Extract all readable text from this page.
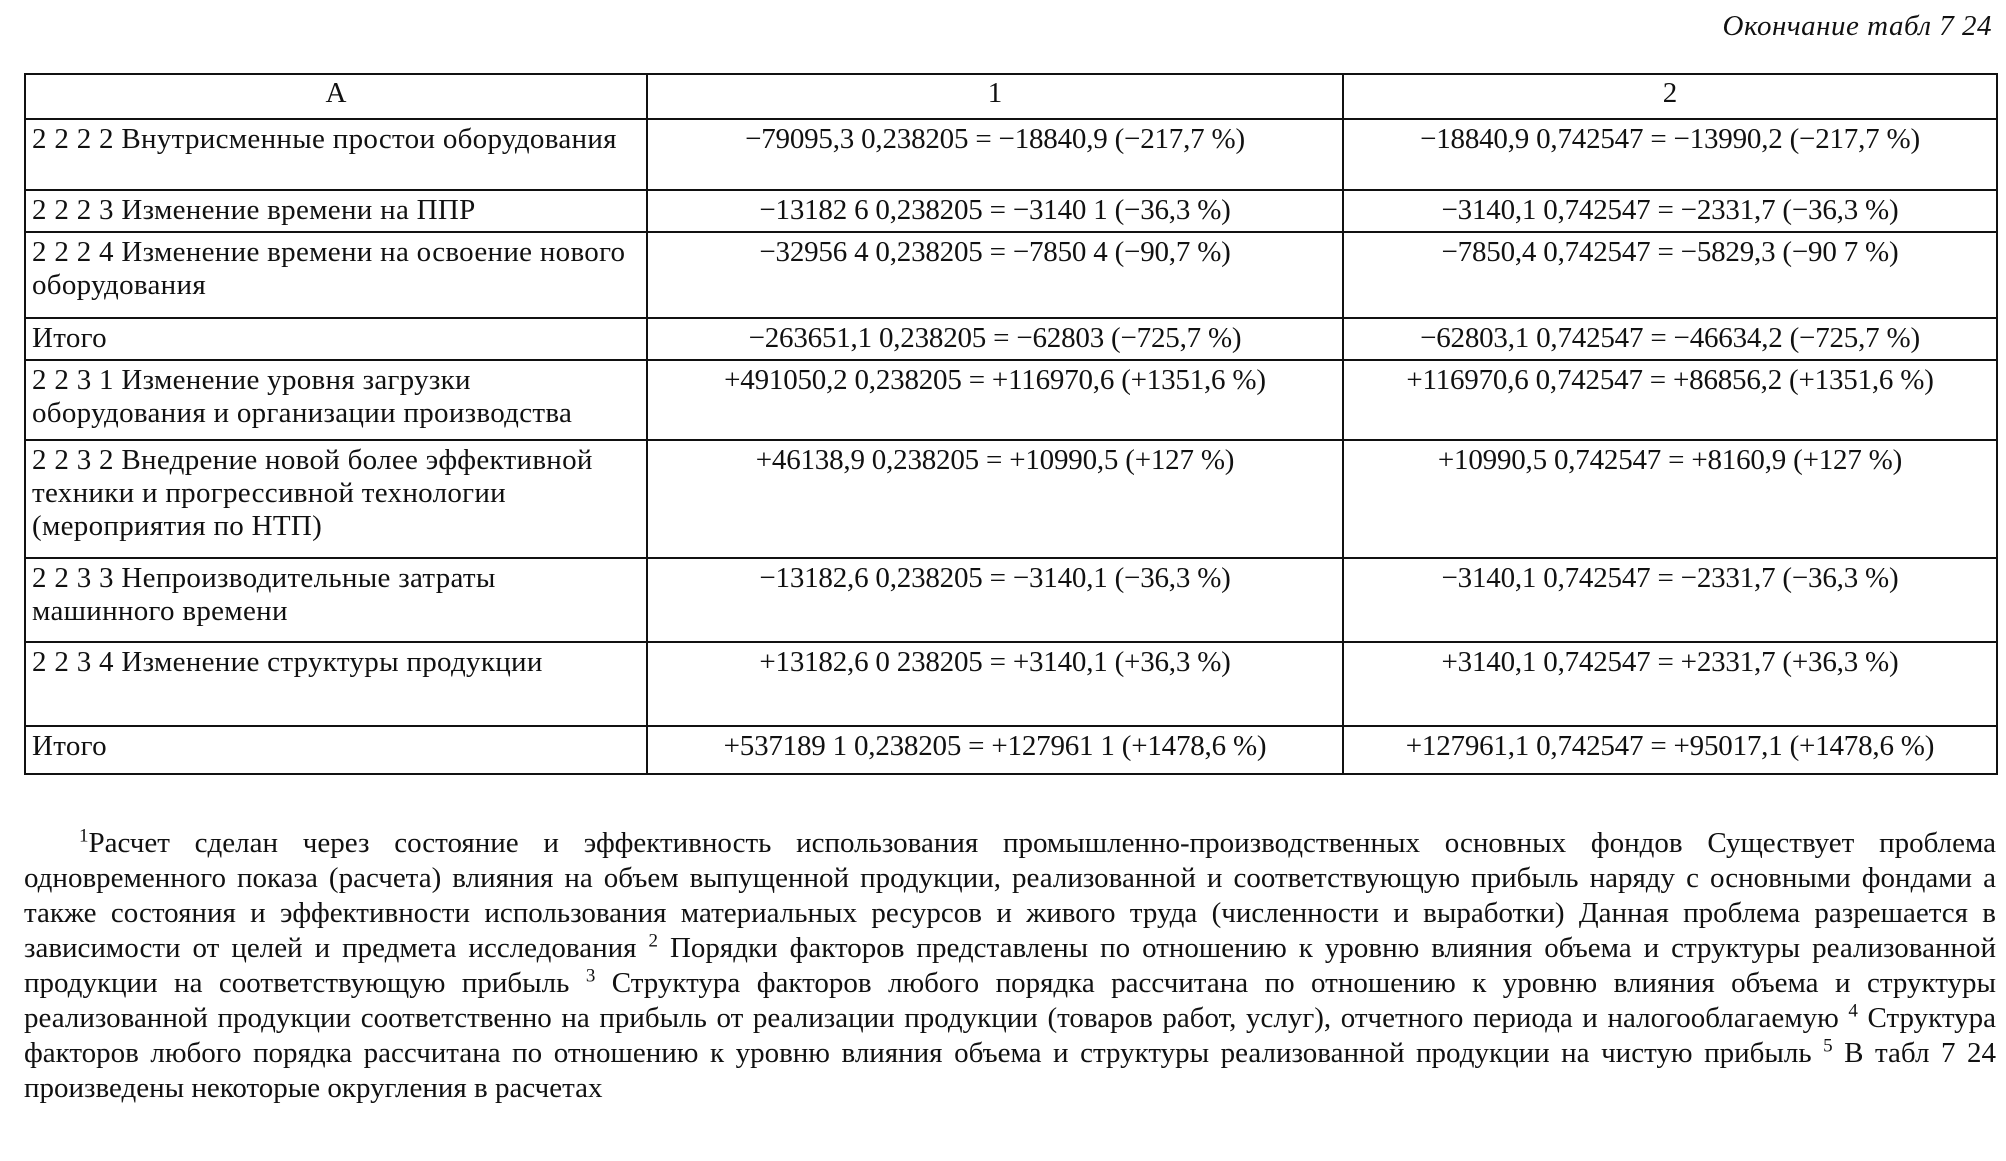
Окончание табл 7 24
А	1	2
2 2 2 2 Внутрисменные простои оборудования	−79095,3 0,238205 = −18840,9 (−217,7 %)	−18840,9 0,742547 = −13990,2 (−217,7 %)
2 2 2 3 Изменение времени на ППР	−13182 6 0,238205 = −3140 1 (−36,3 %)	−3140,1 0,742547 = −2331,7 (−36,3 %)
2 2 2 4 Изменение времени на освоение нового оборудования	−32956 4 0,238205 = −7850 4 (−90,7 %)	−7850,4 0,742547 = −5829,3 (−90 7 %)
Итого	−263651,1 0,238205 = −62803 (−725,7 %)	−62803,1 0,742547 = −46634,2 (−725,7 %)
2 2 3 1 Изменение уровня загрузки оборудования и организации производства	+491050,2 0,238205 = +116970,6 (+1351,6 %)	+116970,6 0,742547 = +86856,2 (+1351,6 %)
2 2 3 2 Внедрение новой более эффективной техники и прогрессивной технологии (мероприятия по НТП)	+46138,9 0,238205 = +10990,5 (+127 %)	+10990,5 0,742547 = +8160,9 (+127 %)
2 2 3 3 Непроизводительные затраты машинного времени	−13182,6 0,238205 = −3140,1 (−36,3 %)	−3140,1 0,742547 = −2331,7 (−36,3 %)
2 2 3 4 Изменение структуры продукции	+13182,6 0 238205 = +3140,1 (+36,3 %)	+3140,1 0,742547 = +2331,7 (+36,3 %)
Итого	+537189 1 0,238205 = +127961 1 (+1478,6 %)	+127961,1 0,742547 = +95017,1 (+1478,6 %)
$^1$Расчет сделан через состояние и эффективность использования промышленно-производственных основных фондов Существует проблема одновременного показа (расчета) влияния на объем выпущенной продукции, реализованной и соответствующую прибыль наряду с основными фондами а также состояния и эффективности использования материальных ресурсов и живого труда (численности и выработки) Данная проблема разрешается в зависимости от целей и предмета исследования $^2$ Порядки факторов представлены по отношению к уровню влияния объема и структуры реализованной продукции на соответствующую прибыль $^3$ Структура факторов любого порядка рассчитана по отношению к уровню влияния объема и структуры реализованной продукции соответственно на прибыль от реализации продукции (товаров работ, услуг), отчетного периода и налогооблагаемую $^4$ Структура факторов любого порядка рассчитана по отношению к уровню влияния объема и структуры реализованной продукции на чистую прибыль $^5$ В табл 7 24 произведены некоторые округления в расчетах
